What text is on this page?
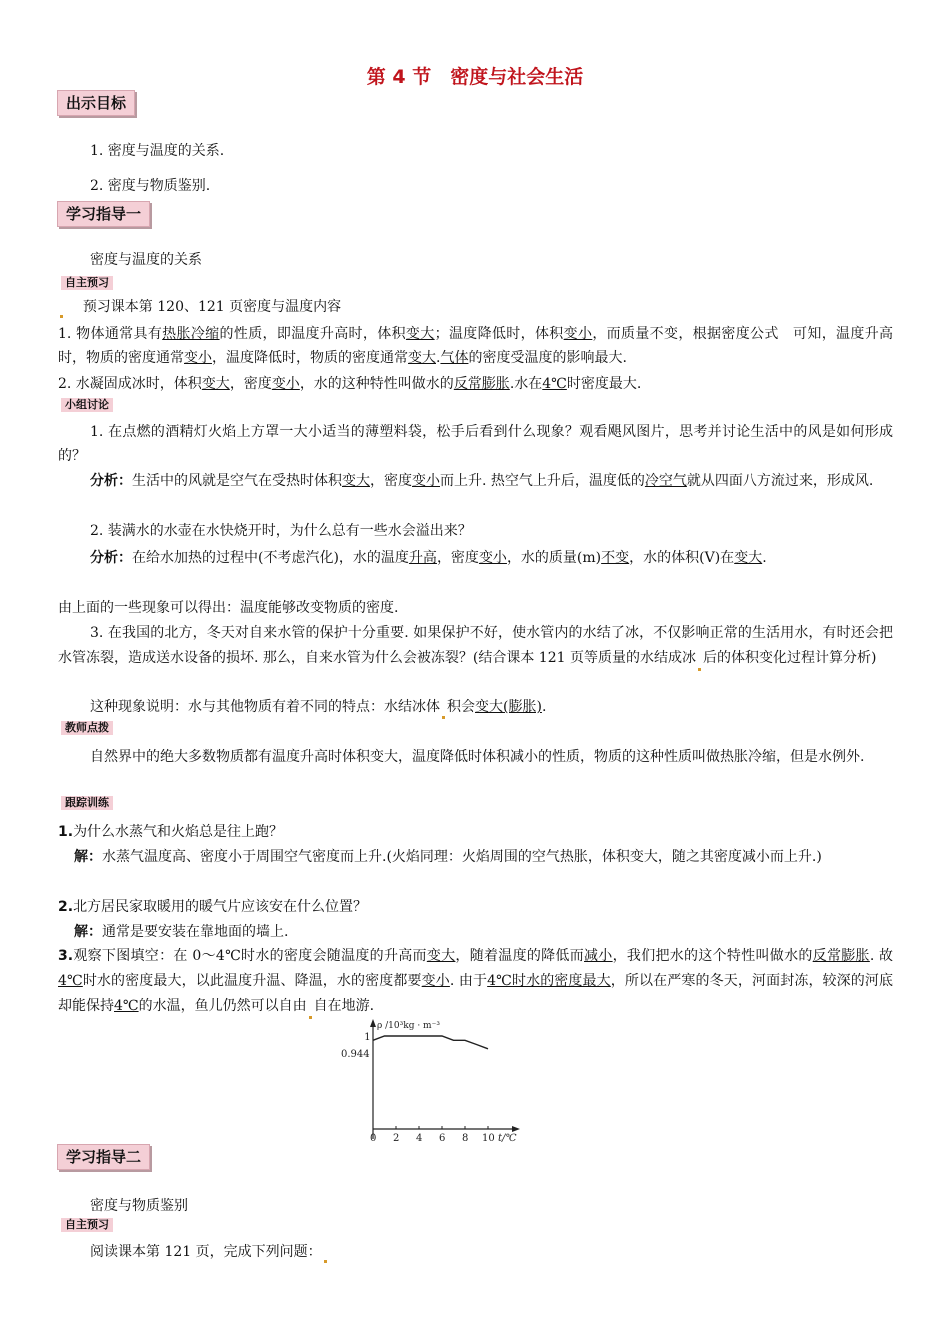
第 4 节　密度与社会生活
出示目标
1. 密度与温度的关系.
2. 密度与物质鉴别.
学习指导一
密度与温度的关系
自主预习
预习课本第 120、121 页密度与温度内容
1. 物体通常具有热胀冷缩的性质，即温度升高时，体积变大；温度降低时，体积变小，而质量不变，根据密度公式　可知，温度升高时，物质的密度通常变小，温度降低时，物质的密度通常变大.气体的密度受温度的影响最大.
2. 水凝固成冰时，体积变大，密度变小，水的这种特性叫做水的反常膨胀.水在4℃时密度最大.
小组讨论
1. 在点燃的酒精灯火焰上方罩一大小适当的薄塑料袋，松手后看到什么现象？观看飓风图片，思考并讨论生活中的风是如何形成的？
分析：生活中的风就是空气在受热时体积变大，密度变小而上升. 热空气上升后，温度低的冷空气就从四面八方流过来，形成风.
2. 装满水的水壶在水快烧开时，为什么总有一些水会溢出来？
分析：在给水加热的过程中(不考虑汽化)，水的温度升高，密度变小，水的质量(m)不变，水的体积(V)在变大.
由上面的一些现象可以得出：温度能够改变物质的密度.
3. 在我国的北方，冬天对自来水管的保护十分重要. 如果保护不好，使水管内的水结了冰，不仅影响正常的生活用水，有时还会把水管冻裂，造成送水设备的损坏. 那么，自来水管为什么会被冻裂？(结合课本 121 页等质量的水结成冰 后的体积变化过程计算分析)
这种现象说明：水与其他物质有着不同的特点：水结冰体 积会变大(膨胀).
教师点拨
自然界中的绝大多数物质都有温度升高时体积变大，温度降低时体积减小的性质，物质的这种性质叫做热胀冷缩，但是水例外.
跟踪训练
1.为什么水蒸气和火焰总是往上跑？
解：水蒸气温度高、密度小于周围空气密度而上升.(火焰同理：火焰周围的空气热胀，体积变大，随之其密度减小而上升.)
2.北方居民家取暖用的暖气片应该安在什么位置？
解：通常是要安装在靠地面的墙上.
3.观察下图填空：在 0～4℃时水的密度会随温度的升高而变大，随着温度的降低而减小，我们把水的这个特性叫做水的反常膨胀. 故4℃时水的密度最大，以此温度升温、降温，水的密度都要变小. 由于4℃时水的密度最大，所以在严寒的冬天，河面封冻，较深的河底却能保持4℃的水温，鱼儿仍然可以自由 自在地游.
ρ /10³kg · m⁻³
t/℃
0 2 4 6 8 10
1
0.944
学习指导二
密度与物质鉴别
自主预习
阅读课本第 121 页，完成下列问题：
